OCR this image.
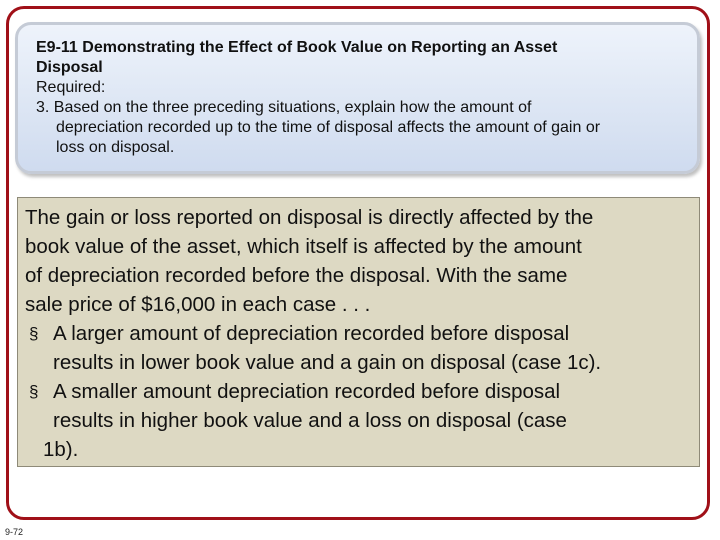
E9-11 Demonstrating the Effect of Book Value on Reporting an Asset
Disposal
Required:
3. Based on the three preceding situations, explain how the amount of
depreciation recorded up to the time of disposal affects the amount of gain or
loss on disposal.
The gain or loss reported on disposal is directly affected by the
book value of the asset, which itself is affected by the amount
of depreciation recorded before the disposal. With the same
sale price of $16,000 in each case . . .
§ A larger amount of depreciation recorded before disposal
results in lower book value and a gain on disposal (case 1c).
§ A smaller amount depreciation recorded before disposal
results in higher book value and a loss on disposal (case
1b).
9-72
